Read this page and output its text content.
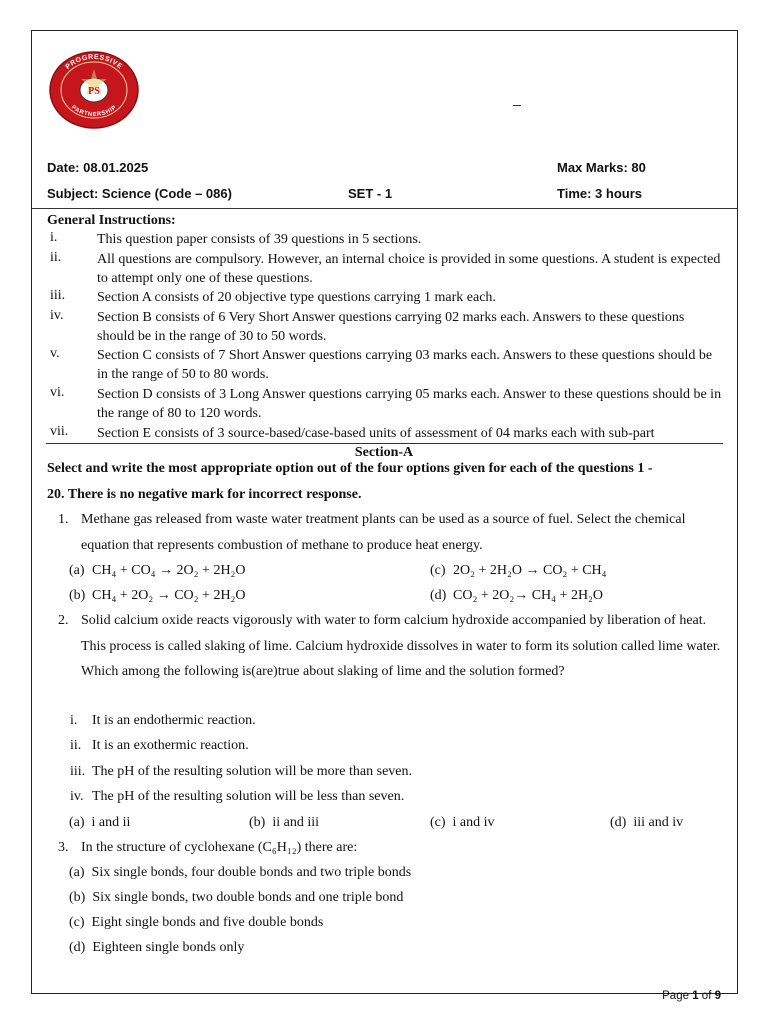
PROGRESSIVE
PARTNERSHIP
PS	_
Date: 08.01.2025	Max Marks: 80
Subject: Science (Code – 086)	SET - 1	Time: 3 hours
General Instructions:
i.	This question paper consists of 39 questions in 5 sections.
ii.	All questions are compulsory. However, an internal choice is provided in some questions. A student is expected to attempt only one of these questions.
iii. Section A consists of 20 objective type questions carrying 1 mark each.
iv. Section B consists of 6 Very Short Answer questions carrying 02 marks each. Answers to these questions should be in the range of 30 to 50 words.
v.	Section C consists of 7 Short Answer questions carrying 03 marks each. Answers to these questions should be in the range of 50 to 80 words.
vi. Section D consists of 3 Long Answer questions carrying 05 marks each. Answer to these questions should be in the range of 80 to 120 words.
vii. Section E consists of 3 source-based/case-based units of assessment of 04 marks each with sub-part
Section-A
Select and write the most appropriate option out of the four options given for each of the questions 1 -
20. There is no negative mark for incorrect response.
1. Methane gas released from waste water treatment plants can be used as a source of fuel. Select the chemical equation that represents combustion of methane to produce heat energy.
(a) CH₄ + CO₄ → 2O₂ + 2H₂O	(c) 2O₂ + 2H₂O → CO₂ + CH₄
(b) CH₄ + 2O₂ → CO₂ + 2H₂O	(d) CO₂ + 2O₂→ CH₄ + 2H₂O
2. Solid calcium oxide reacts vigorously with water to form calcium hydroxide accompanied by liberation of heat. This process is called slaking of lime. Calcium hydroxide dissolves in water to form its solution called lime water. Which among the following is(are)true about slaking of lime and the solution formed?
i. It is an endothermic reaction.
ii. It is an exothermic reaction.
iii. The pH of the resulting solution will be more than seven.
iv. The pH of the resulting solution will be less than seven.
(a)  i and ii	(b)  ii and iii	(c)  i and iv	(d)  iii and iv
3. In the structure of cyclohexane (C₆H₁₂) there are:
(a)  Six single bonds, four double bonds and two triple bonds
(b)  Six single bonds, two double bonds and one triple bond
(c)  Eight single bonds and five double bonds
(d)  Eighteen single bonds only
Page 1 of 9
